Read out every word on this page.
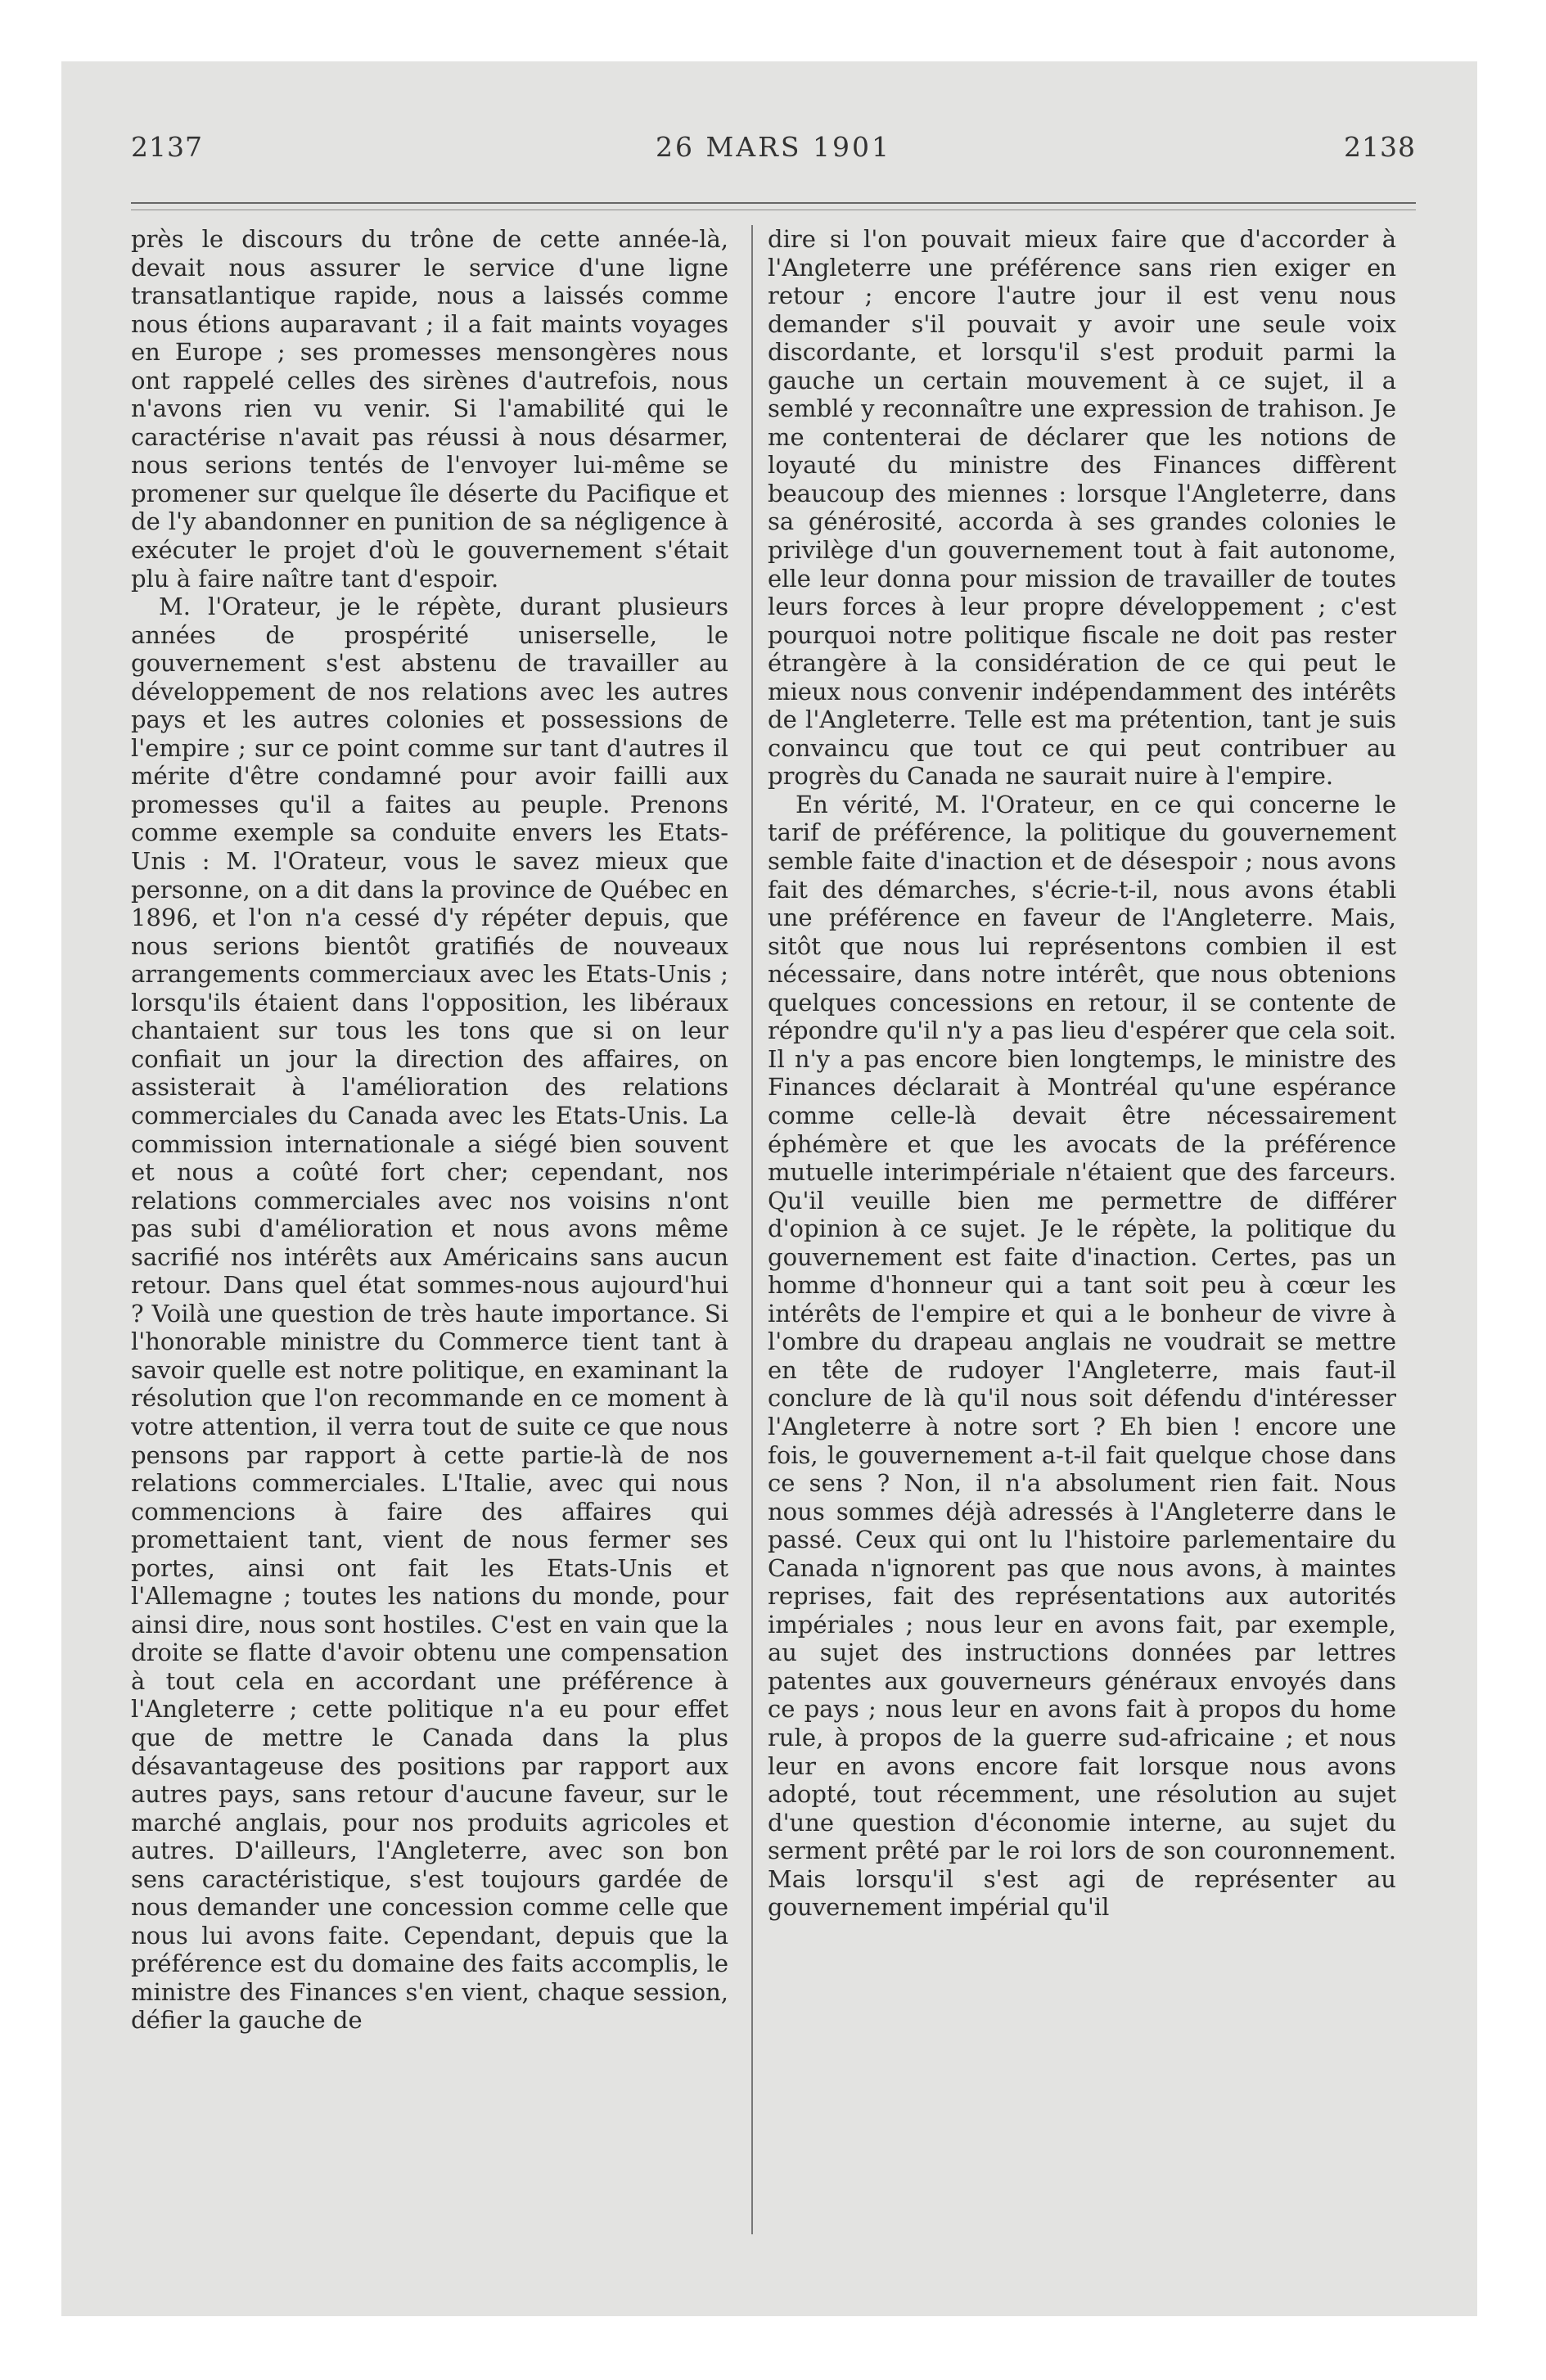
2137	26 MARS 1901	2138

près le discours du trône de cette année-là, devait nous assurer le service d'une ligne transatlantique rapide, nous a laissés comme nous étions auparavant ; il a fait maints voyages en Europe ; ses promesses mensongères nous ont rappelé celles des sirènes d'autrefois, nous n'avons rien vu venir. Si l'amabilité qui le caractérise n'avait pas réussi à nous désarmer, nous serions tentés de l'envoyer lui-même se promener sur quelque île déserte du Pacifique et de l'y abandonner en punition de sa négligence à exécuter le projet d'où le gouvernement s'était plu à faire naître tant d'espoir.

M. l'Orateur, je le répète, durant plusieurs années de prospérité uniserselle, le gouvernement s'est abstenu de travailler au développement de nos relations avec les autres pays et les autres colonies et possessions de l'empire ; sur ce point comme sur tant d'autres il mérite d'être condamné pour avoir failli aux promesses qu'il a faites au peuple. Prenons comme exemple sa conduite envers les Etats-Unis : M. l'Orateur, vous le savez mieux que personne, on a dit dans la province de Québec en 1896, et l'on n'a cessé d'y répéter depuis, que nous serions bientôt gratifiés de nouveaux arrangements commerciaux avec les Etats-Unis ; lorsqu'ils étaient dans l'opposition, les libéraux chantaient sur tous les tons que si on leur confiait un jour la direction des affaires, on assisterait à l'amélioration des relations commerciales du Canada avec les Etats-Unis. La commission internationale a siégé bien souvent et nous a coûté fort cher; cependant, nos relations commerciales avec nos voisins n'ont pas subi d'amélioration et nous avons même sacrifié nos intérêts aux Américains sans aucun retour. Dans quel état sommes-nous aujourd'hui ? Voilà une question de très haute importance. Si l'honorable ministre du Commerce tient tant à savoir quelle est notre politique, en examinant la résolution que l'on recommande en ce moment à votre attention, il verra tout de suite ce que nous pensons par rapport à cette partie-là de nos relations commerciales. L'Italie, avec qui nous commencions à faire des affaires qui promettaient tant, vient de nous fermer ses portes, ainsi ont fait les Etats-Unis et l'Allemagne ; toutes les nations du monde, pour ainsi dire, nous sont hostiles. C'est en vain que la droite se flatte d'avoir obtenu une compensation à tout cela en accordant une préférence à l'Angleterre ; cette politique n'a eu pour effet que de mettre le Canada dans la plus désavantageuse des positions par rapport aux autres pays, sans retour d'aucune faveur, sur le marché anglais, pour nos produits agricoles et autres. D'ailleurs, l'Angleterre, avec son bon sens caractéristique, s'est toujours gardée de nous demander une concession comme celle que nous lui avons faite. Cependant, depuis que la préférence est du domaine des faits accomplis, le ministre des Finances s'en vient, chaque session, défier la gauche de

dire si l'on pouvait mieux faire que d'accorder à l'Angleterre une préférence sans rien exiger en retour ; encore l'autre jour il est venu nous demander s'il pouvait y avoir une seule voix discordante, et lorsqu'il s'est produit parmi la gauche un certain mouvement à ce sujet, il a semblé y reconnaître une expression de trahison. Je me contenterai de déclarer que les notions de loyauté du ministre des Finances diffèrent beaucoup des miennes : lorsque l'Angleterre, dans sa générosité, accorda à ses grandes colonies le privilège d'un gouvernement tout à fait autonome, elle leur donna pour mission de travailler de toutes leurs forces à leur propre développement ; c'est pourquoi notre politique fiscale ne doit pas rester étrangère à la considération de ce qui peut le mieux nous convenir indépendamment des intérêts de l'Angleterre. Telle est ma prétention, tant je suis convaincu que tout ce qui peut contribuer au progrès du Canada ne saurait nuire à l'empire.

En vérité, M. l'Orateur, en ce qui concerne le tarif de préférence, la politique du gouvernement semble faite d'inaction et de désespoir ; nous avons fait des démarches, s'écrie-t-il, nous avons établi une préférence en faveur de l'Angleterre. Mais, sitôt que nous lui représentons combien il est nécessaire, dans notre intérêt, que nous obtenions quelques concessions en retour, il se contente de répondre qu'il n'y a pas lieu d'espérer que cela soit. Il n'y a pas encore bien longtemps, le ministre des Finances déclarait à Montréal qu'une espérance comme celle-là devait être nécessairement éphémère et que les avocats de la préférence mutuelle interimpériale n'étaient que des farceurs. Qu'il veuille bien me permettre de différer d'opinion à ce sujet. Je le répète, la politique du gouvernement est faite d'inaction. Certes, pas un homme d'honneur qui a tant soit peu à cœur les intérêts de l'empire et qui a le bonheur de vivre à l'ombre du drapeau anglais ne voudrait se mettre en tête de rudoyer l'Angleterre, mais faut-il conclure de là qu'il nous soit défendu d'intéresser l'Angleterre à notre sort ? Eh bien ! encore une fois, le gouvernement a-t-il fait quelque chose dans ce sens ? Non, il n'a absolument rien fait. Nous nous sommes déjà adressés à l'Angleterre dans le passé. Ceux qui ont lu l'histoire parlementaire du Canada n'ignorent pas que nous avons, à maintes reprises, fait des représentations aux autorités impériales ; nous leur en avons fait, par exemple, au sujet des instructions données par lettres patentes aux gouverneurs généraux envoyés dans ce pays ; nous leur en avons fait à propos du home rule, à propos de la guerre sud-africaine ; et nous leur en avons encore fait lorsque nous avons adopté, tout récemment, une résolution au sujet d'une question d'économie interne, au sujet du serment prêté par le roi lors de son couronnement. Mais lorsqu'il s'est agi de représenter au gouvernement impérial qu'il
